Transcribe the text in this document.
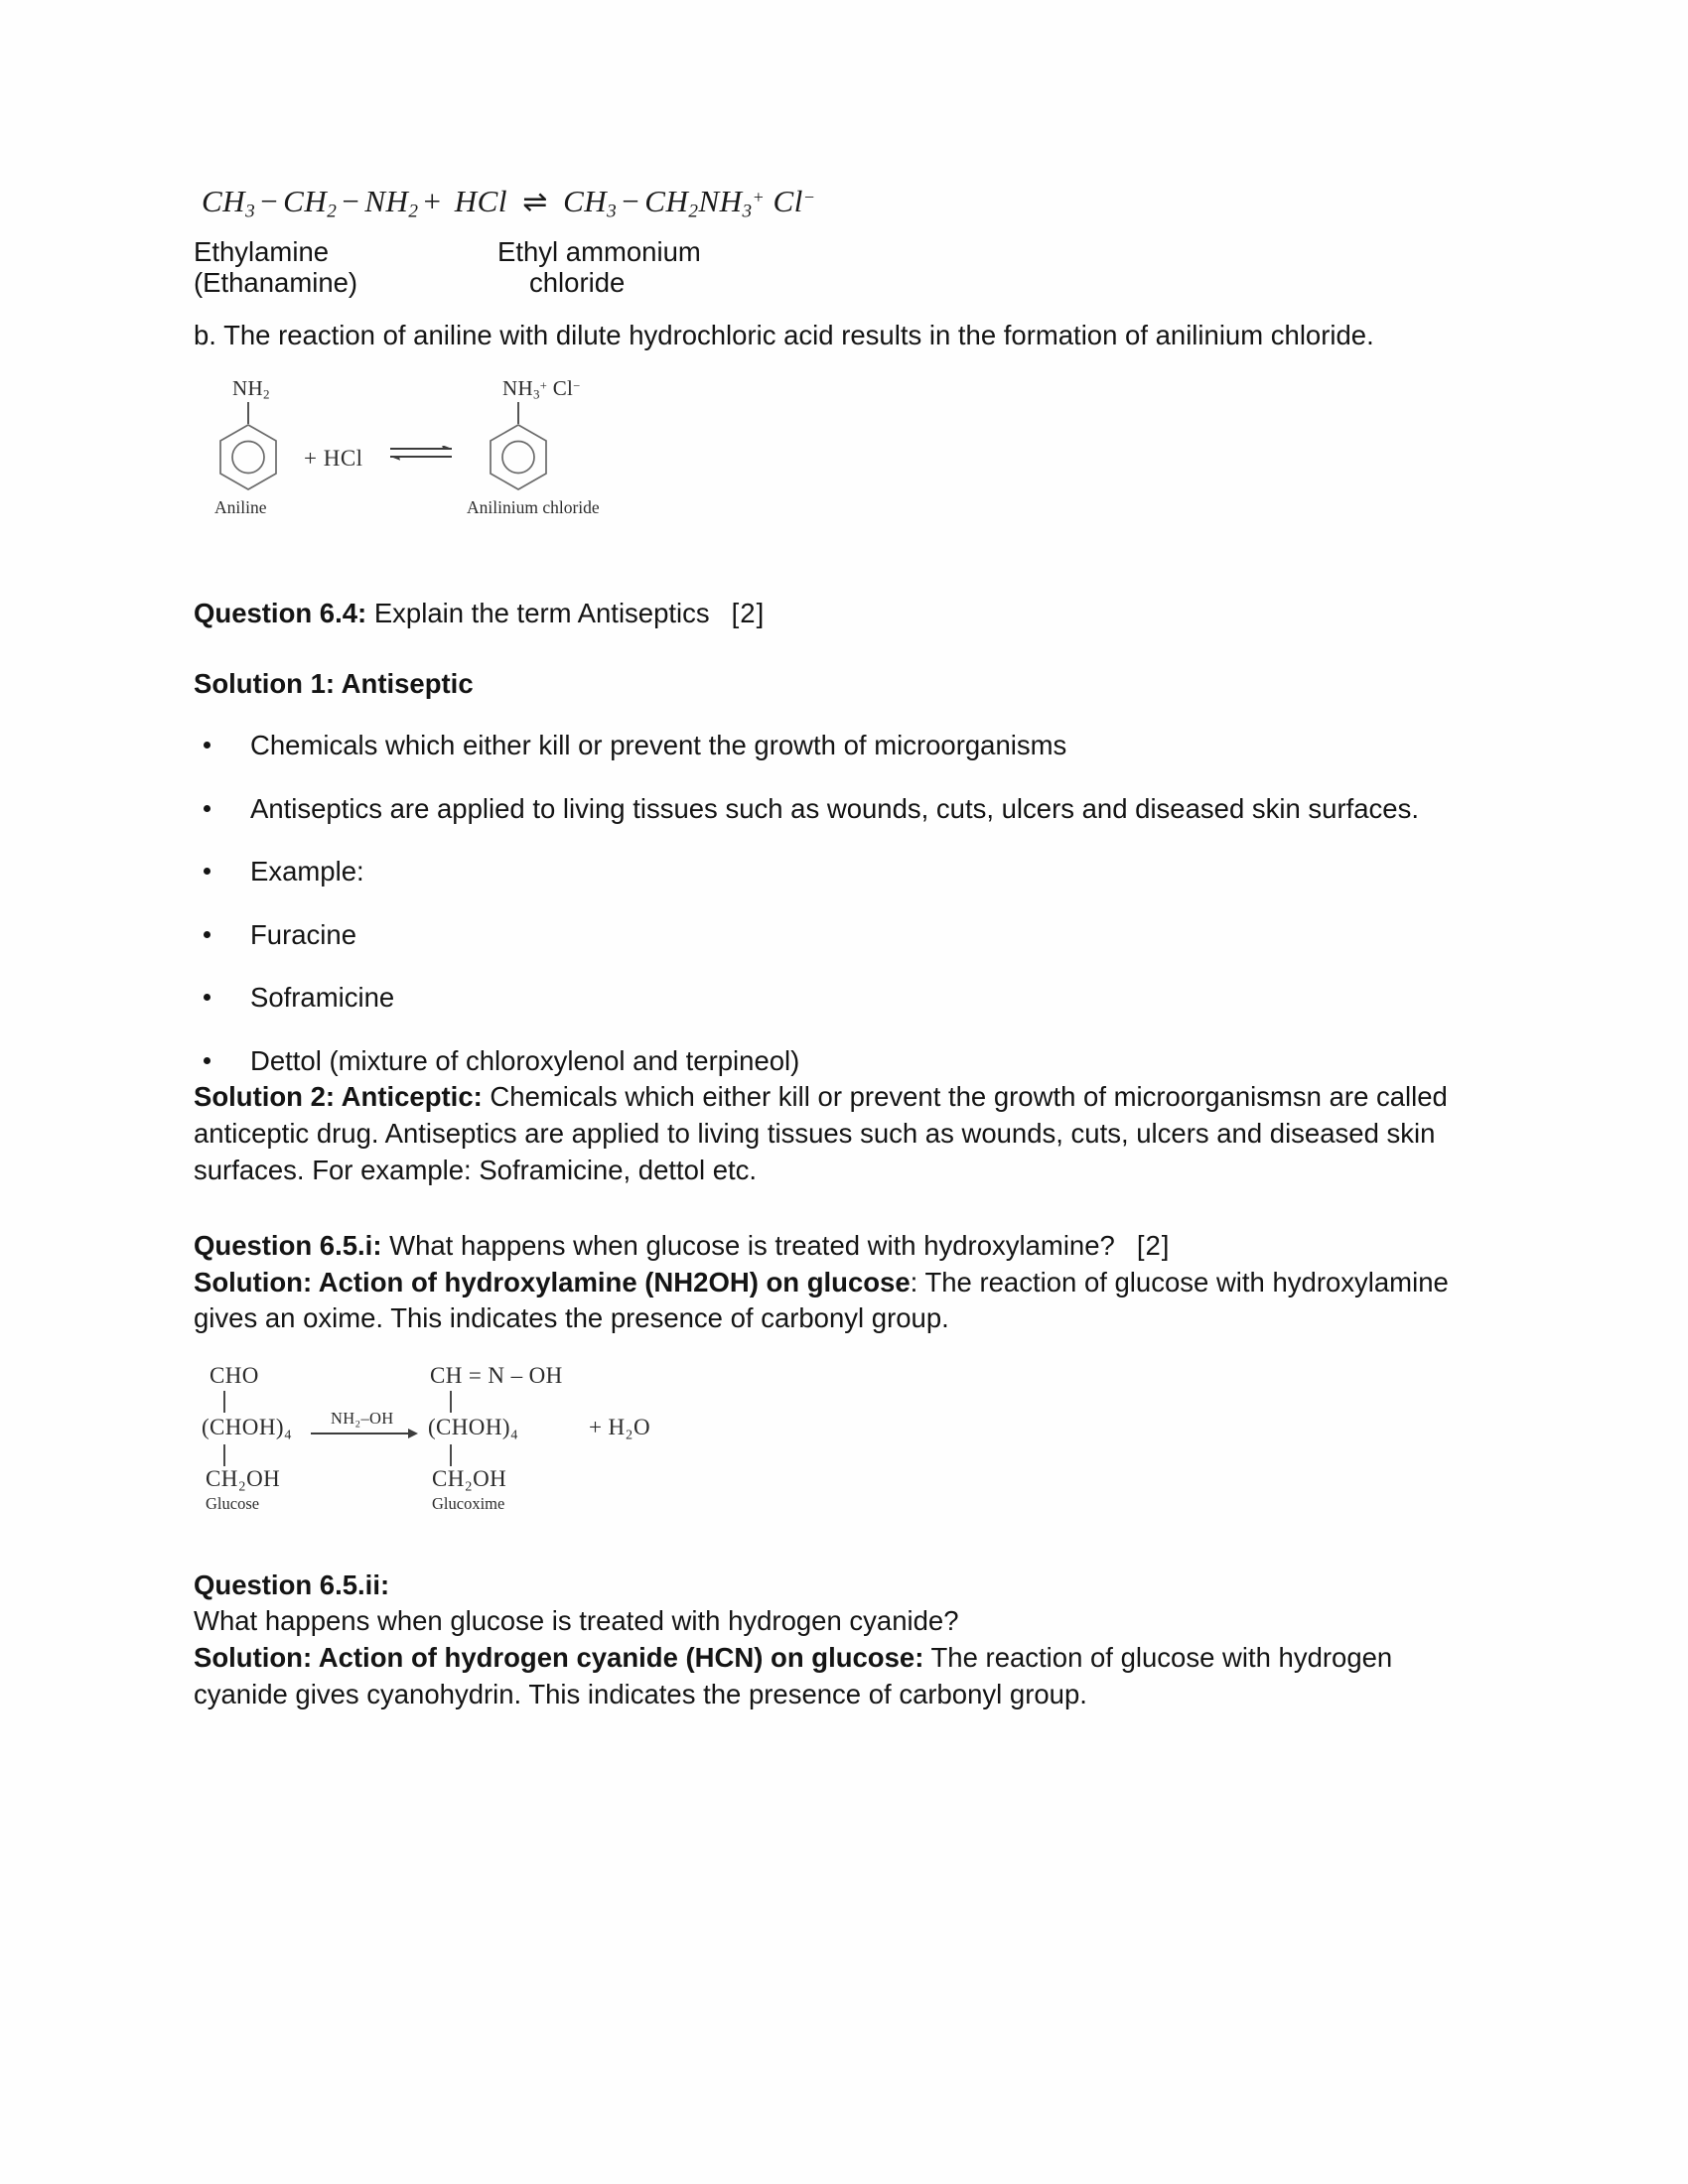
$CH_3 - CH_2 - NH_2$ + HCl ⇌ $CH_3 - CH_2NH_3^+$ Cl−
Ethylamine
(Ethanamine)
Ethyl ammonium
chloride

b. The reaction of aniline with dilute hydrochloric acid results in the formation of anilinium chloride.

$NH_2$
Aniline
+ HCl
$NH_3^+$ Cl−
Anilinium chloride

Question 6.4: Explain the term Antiseptics [2]

Solution 1: Antiseptic

Chemicals which either kill or prevent the growth of microorganisms
Antiseptics are applied to living tissues such as wounds, cuts, ulcers and diseased skin surfaces.
Example:
Furacine
Soframicine
Dettol (mixture of chloroxylenol and terpineol)

Solution 2: Anticeptic: Chemicals which either kill or prevent the growth of microorganismsn are called anticeptic drug. Antiseptics are applied to living tissues such as wounds, cuts, ulcers and diseased skin surfaces. For example: Soframicine, dettol etc.

Question 6.5.i: What happens when glucose is treated with hydroxylamine? [2]

Solution: Action of hydroxylamine (NH2OH) on glucose: The reaction of glucose with hydroxylamine gives an oxime. This indicates the presence of carbonyl group.

CHO
(CHOH)₄
CH₂OH
Glucose
NH₂–OH
CH = N – OH
(CHOH)₄
CH₂OH
Glucoxime
+ H₂O

Question 6.5.ii:

What happens when glucose is treated with hydrogen cyanide?

Solution: Action of hydrogen cyanide (HCN) on glucose: The reaction of glucose with hydrogen cyanide gives cyanohydrin. This indicates the presence of carbonyl group.
